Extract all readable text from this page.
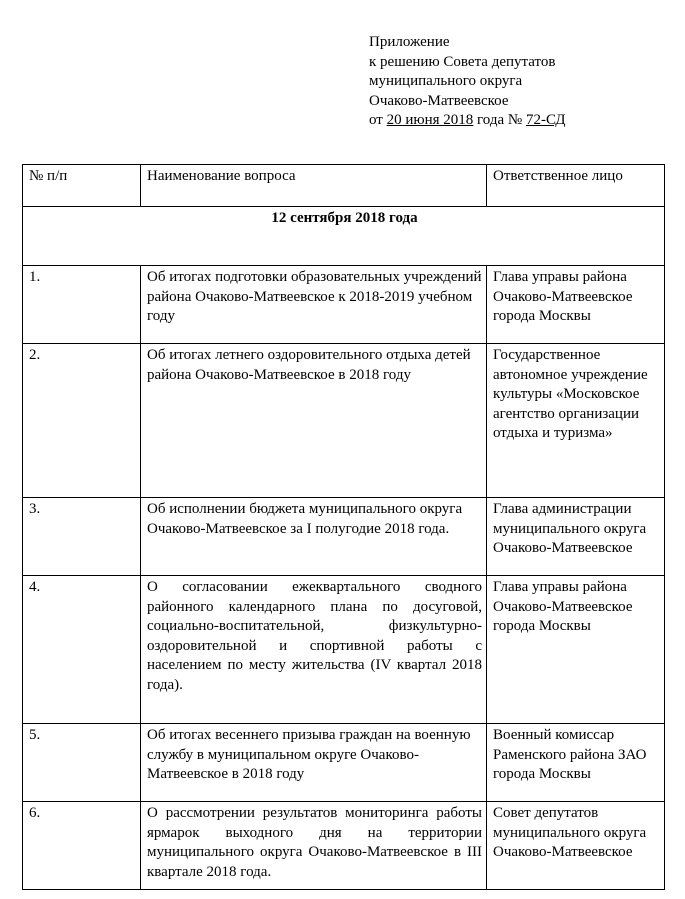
Приложение
к решению Совета депутатов
муниципального округа
Очаково-Матвеевское
от 20 июня 2018 года № 72-СД
№ п/п	Наименование вопроса	Ответственное лицо
12 сентября 2018 года		
1.	Об итогах подготовки образовательных учреждений района Очаково-Матвеевское к 2018-2019 учебном году	Глава управы района Очаково-Матвеевское города Москвы
2.	Об итогах летнего оздоровительного отдыха детей района Очаково-Матвеевское в 2018 году	Государственное автономное учреждение культуры «Московское агентство организации отдыха и туризма»
3.	Об исполнении бюджета муниципального округа Очаково-Матвеевское за I полугодие 2018 года.	Глава администрации муниципального округа Очаково-Матвеевское
4.	О согласовании ежеквартального сводного районного календарного плана по досуговой, социально-воспитательной, физкультурно-оздоровительной и спортивной работы с населением по месту жительства (IV квартал 2018 года).	Глава управы района Очаково-Матвеевское города Москвы
5.	Об итогах весеннего призыва граждан на военную службу в муниципальном округе Очаково-Матвеевское в 2018 году	Военный комиссар Раменского района ЗАО города Москвы
6.	О рассмотрении результатов мониторинга работы ярмарок выходного дня на территории муниципального округа Очаково-Матвеевское в III квартале 2018 года.	Совет депутатов муниципального округа Очаково-Матвеевское
